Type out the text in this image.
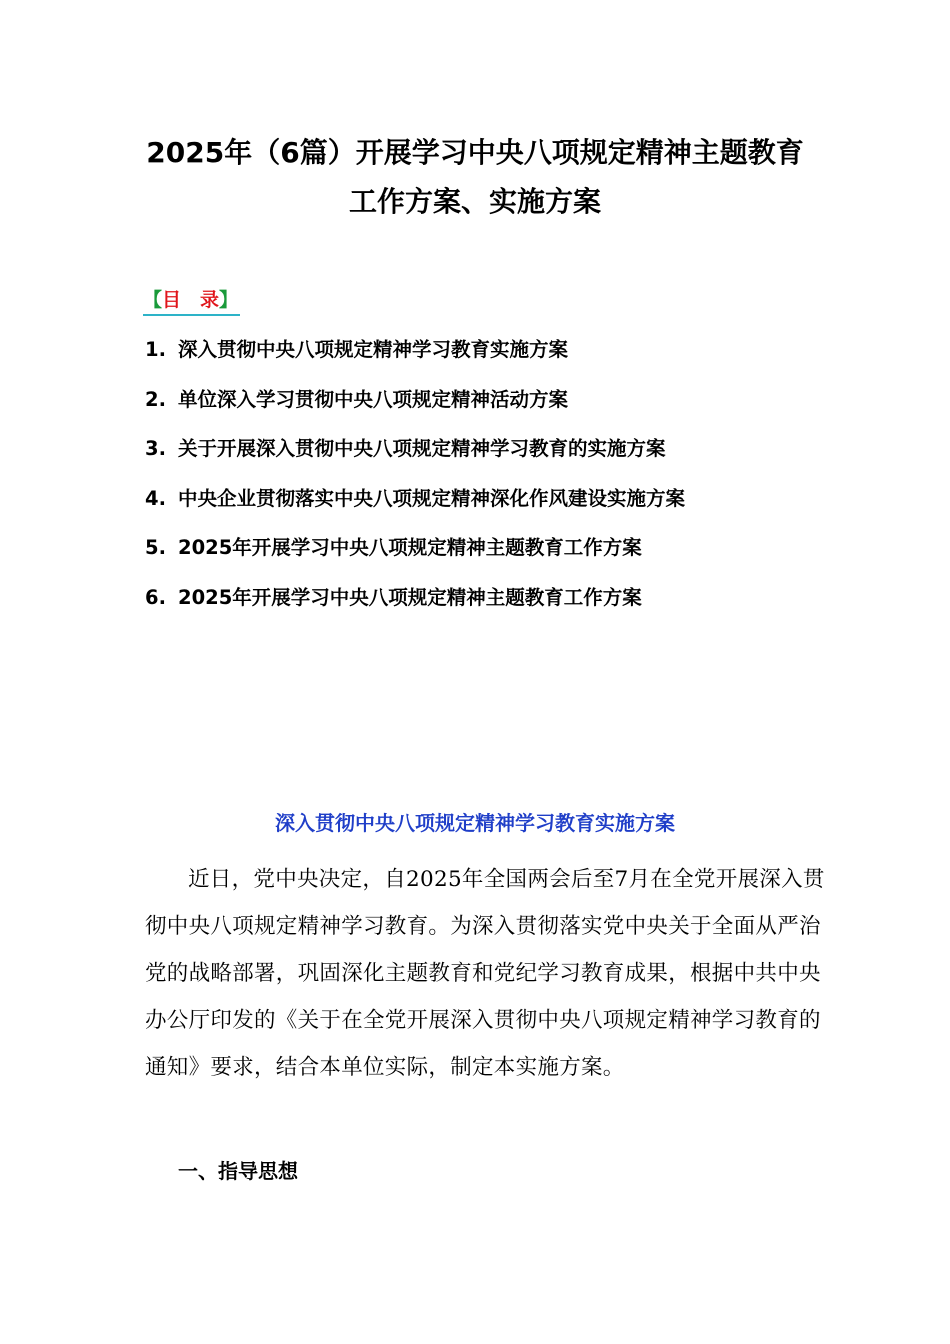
2025年（6篇）开展学习中央八项规定精神主题教育
工作方案、实施方案
【目　录】
1. 深入贯彻中央八项规定精神学习教育实施方案
2. 单位深入学习贯彻中央八项规定精神活动方案
3. 关于开展深入贯彻中央八项规定精神学习教育的实施方案
4. 中央企业贯彻落实中央八项规定精神深化作风建设实施方案
5. 2025年开展学习中央八项规定精神主题教育工作方案
6. 2025年开展学习中央八项规定精神主题教育工作方案
深入贯彻中央八项规定精神学习教育实施方案

近日，党中央决定，自2025年全国两会后至7月在全党开展深入贯彻中央八项规定精神学习教育。为深入贯彻落实党中央关于全面从严治党的战略部署，巩固深化主题教育和党纪学习教育成果，根据中共中央办公厅印发的《关于在全党开展深入贯彻中央八项规定精神学习教育的通知》要求，结合本单位实际，制定本实施方案。

一、指导思想
